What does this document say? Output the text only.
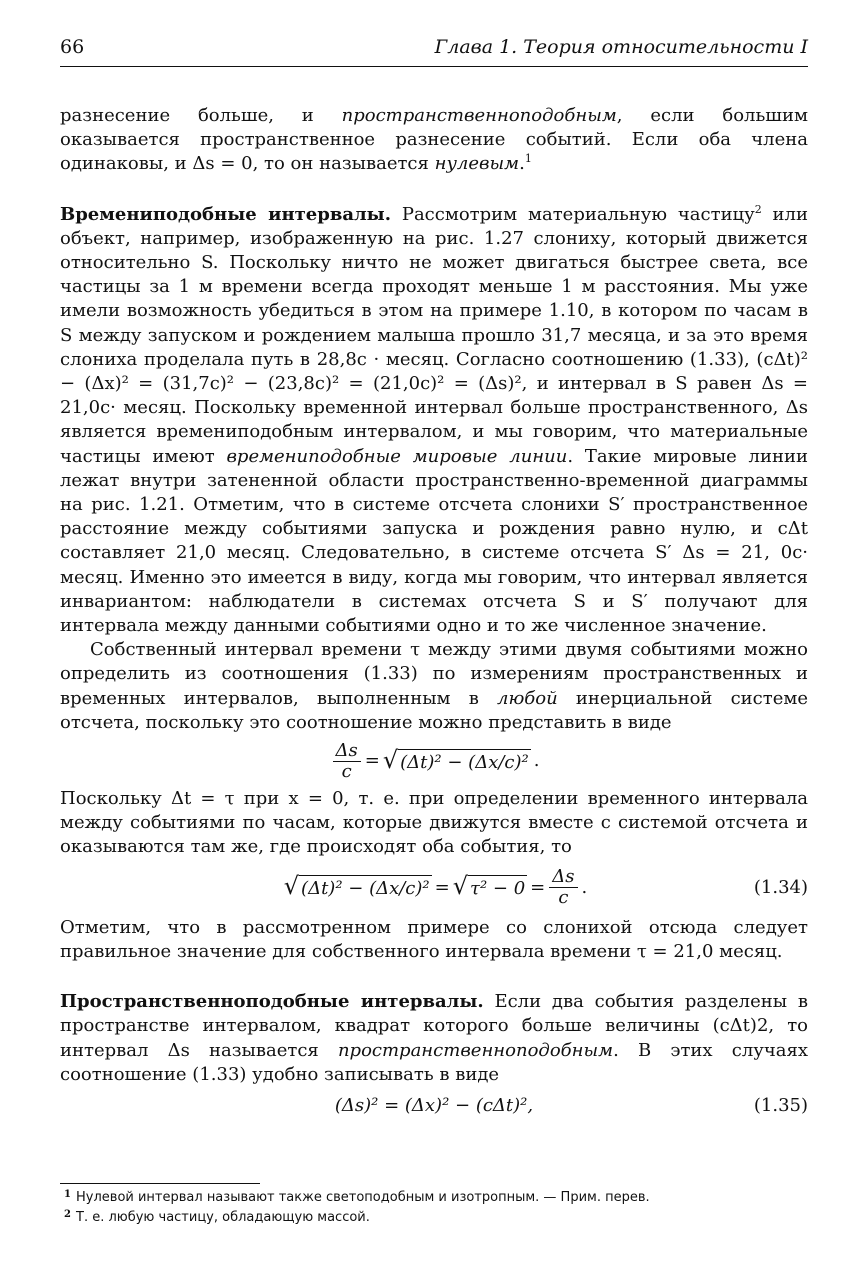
66	Глава 1. Теория относительности I

разнесение больше, и пространственноподобным, если большим оказывается пространственное разнесение событий. Если оба члена одинаковы, и Δs = 0, то он называется нулевым.$^1$

Времениподобные интервалы. Рассмотрим материальную частицу$^2$ или объект, например, изображенную на рис. 1.27 слониху, который движется относительно S. Поскольку ничто не может двигаться быстрее света, все частицы за 1 м времени всегда проходят меньше 1 м расстояния. Мы уже имели возможность убедиться в этом на примере 1.10, в котором по часам в S между запуском и рождением малыша прошло 31,7 месяца, и за это время слониха проделала путь в 28,8c · месяц. Согласно соотношению (1.33), (cΔt)² − (Δx)² = (31,7c)² − (23,8c)² = (21,0c)² = (Δs)², и интервал в S равен Δs = 21,0c· месяц. Поскольку временной интервал больше пространственного, Δs является времениподобным интервалом, и мы говорим, что материальные частицы имеют времениподобные мировые линии. Такие мировые линии лежат внутри затененной области пространственно-временной диаграммы на рис. 1.21. Отметим, что в системе отсчета слонихи S′ пространственное расстояние между событиями запуска и рождения равно нулю, и cΔt составляет 21,0 месяц. Следовательно, в системе отсчета S′ Δs = 21, 0c· месяц. Именно это имеется в виду, когда мы говорим, что интервал является инвариантом: наблюдатели в системах отсчета S и S′ получают для интервала между данными событиями одно и то же численное значение.

Собственный интервал времени τ между этими двумя событиями можно определить из соотношения (1.33) по измерениям пространственных и временных интервалов, выполненным в любой инерциальной системе отсчета, поскольку это соотношение можно представить в виде

$\frac{\Delta s}{c}$ = √ (Δt)² − (Δx/c)² .

Поскольку Δt = τ при x = 0, т. е. при определении временного интервала между событиями по часам, которые движутся вместе с системой отсчета и оказываются там же, где происходят оба события, то

√ (Δt)² − (Δx/c)² = √ $\tau^2 - 0 = \frac{\Delta s}{c}$ .	(1.34)

Отметим, что в рассмотренном примере со слонихой отсюда следует правильное значение для собственного интервала времени τ = 21,0 месяц.

Пространственноподобные интервалы. Если два события разделены в пространстве интервалом, квадрат которого больше величины (cΔt)2, то интервал Δs называется пространственноподобным. В этих случаях соотношение (1.33) удобно записывать в виде

(Δs)² = (Δx)² − (cΔt)²,	(1.35)

1 Нулевой интервал называют также светоподобным и изотропным. — Прим. перев.

2 Т. е. любую частицу, обладающую массой.
